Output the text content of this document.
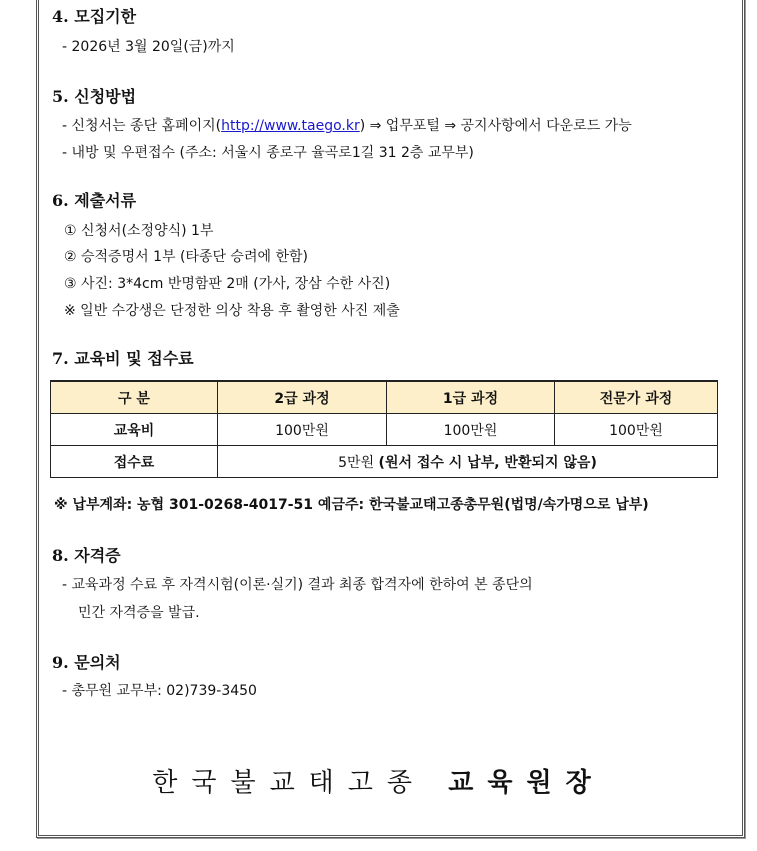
4. 모집기한
- 2026년 3월 20일(금)까지
5. 신청방법
- 신청서는 종단 홈페이지(http://www.taego.kr) ⇒ 업무포털 ⇒ 공지사항에서 다운로드 가능
- 내방 및 우편접수 (주소: 서울시 종로구 율곡로1길 31 2층 교무부)
6. 제출서류
① 신청서(소정양식) 1부
② 승적증명서 1부 (타종단 승려에 한함)
③ 사진: 3*4cm 반명함판 2매 (가사, 장삼 수한 사진)
※ 일반 수강생은 단정한 의상 착용 후 촬영한 사진 제출
7. 교육비 및 접수료
구 분	2급 과정	1급 과정	전문가 과정
교육비	100만원	100만원	100만원
접수료	5만원 (원서 접수 시 납부, 반환되지 않음)		
※ 납부계좌: 농협 301-0268-4017-51 예금주: 한국불교태고종총무원(법명/속가명으로 납부)
8. 자격증
- 교육과정 수료 후 자격시험(이론·실기) 결과 최종 합격자에 한하여 본 종단의
민간 자격증을 발급.
9. 문의처
- 총무원 교무부: 02)739-3450
한국불교태고종 교육원장
